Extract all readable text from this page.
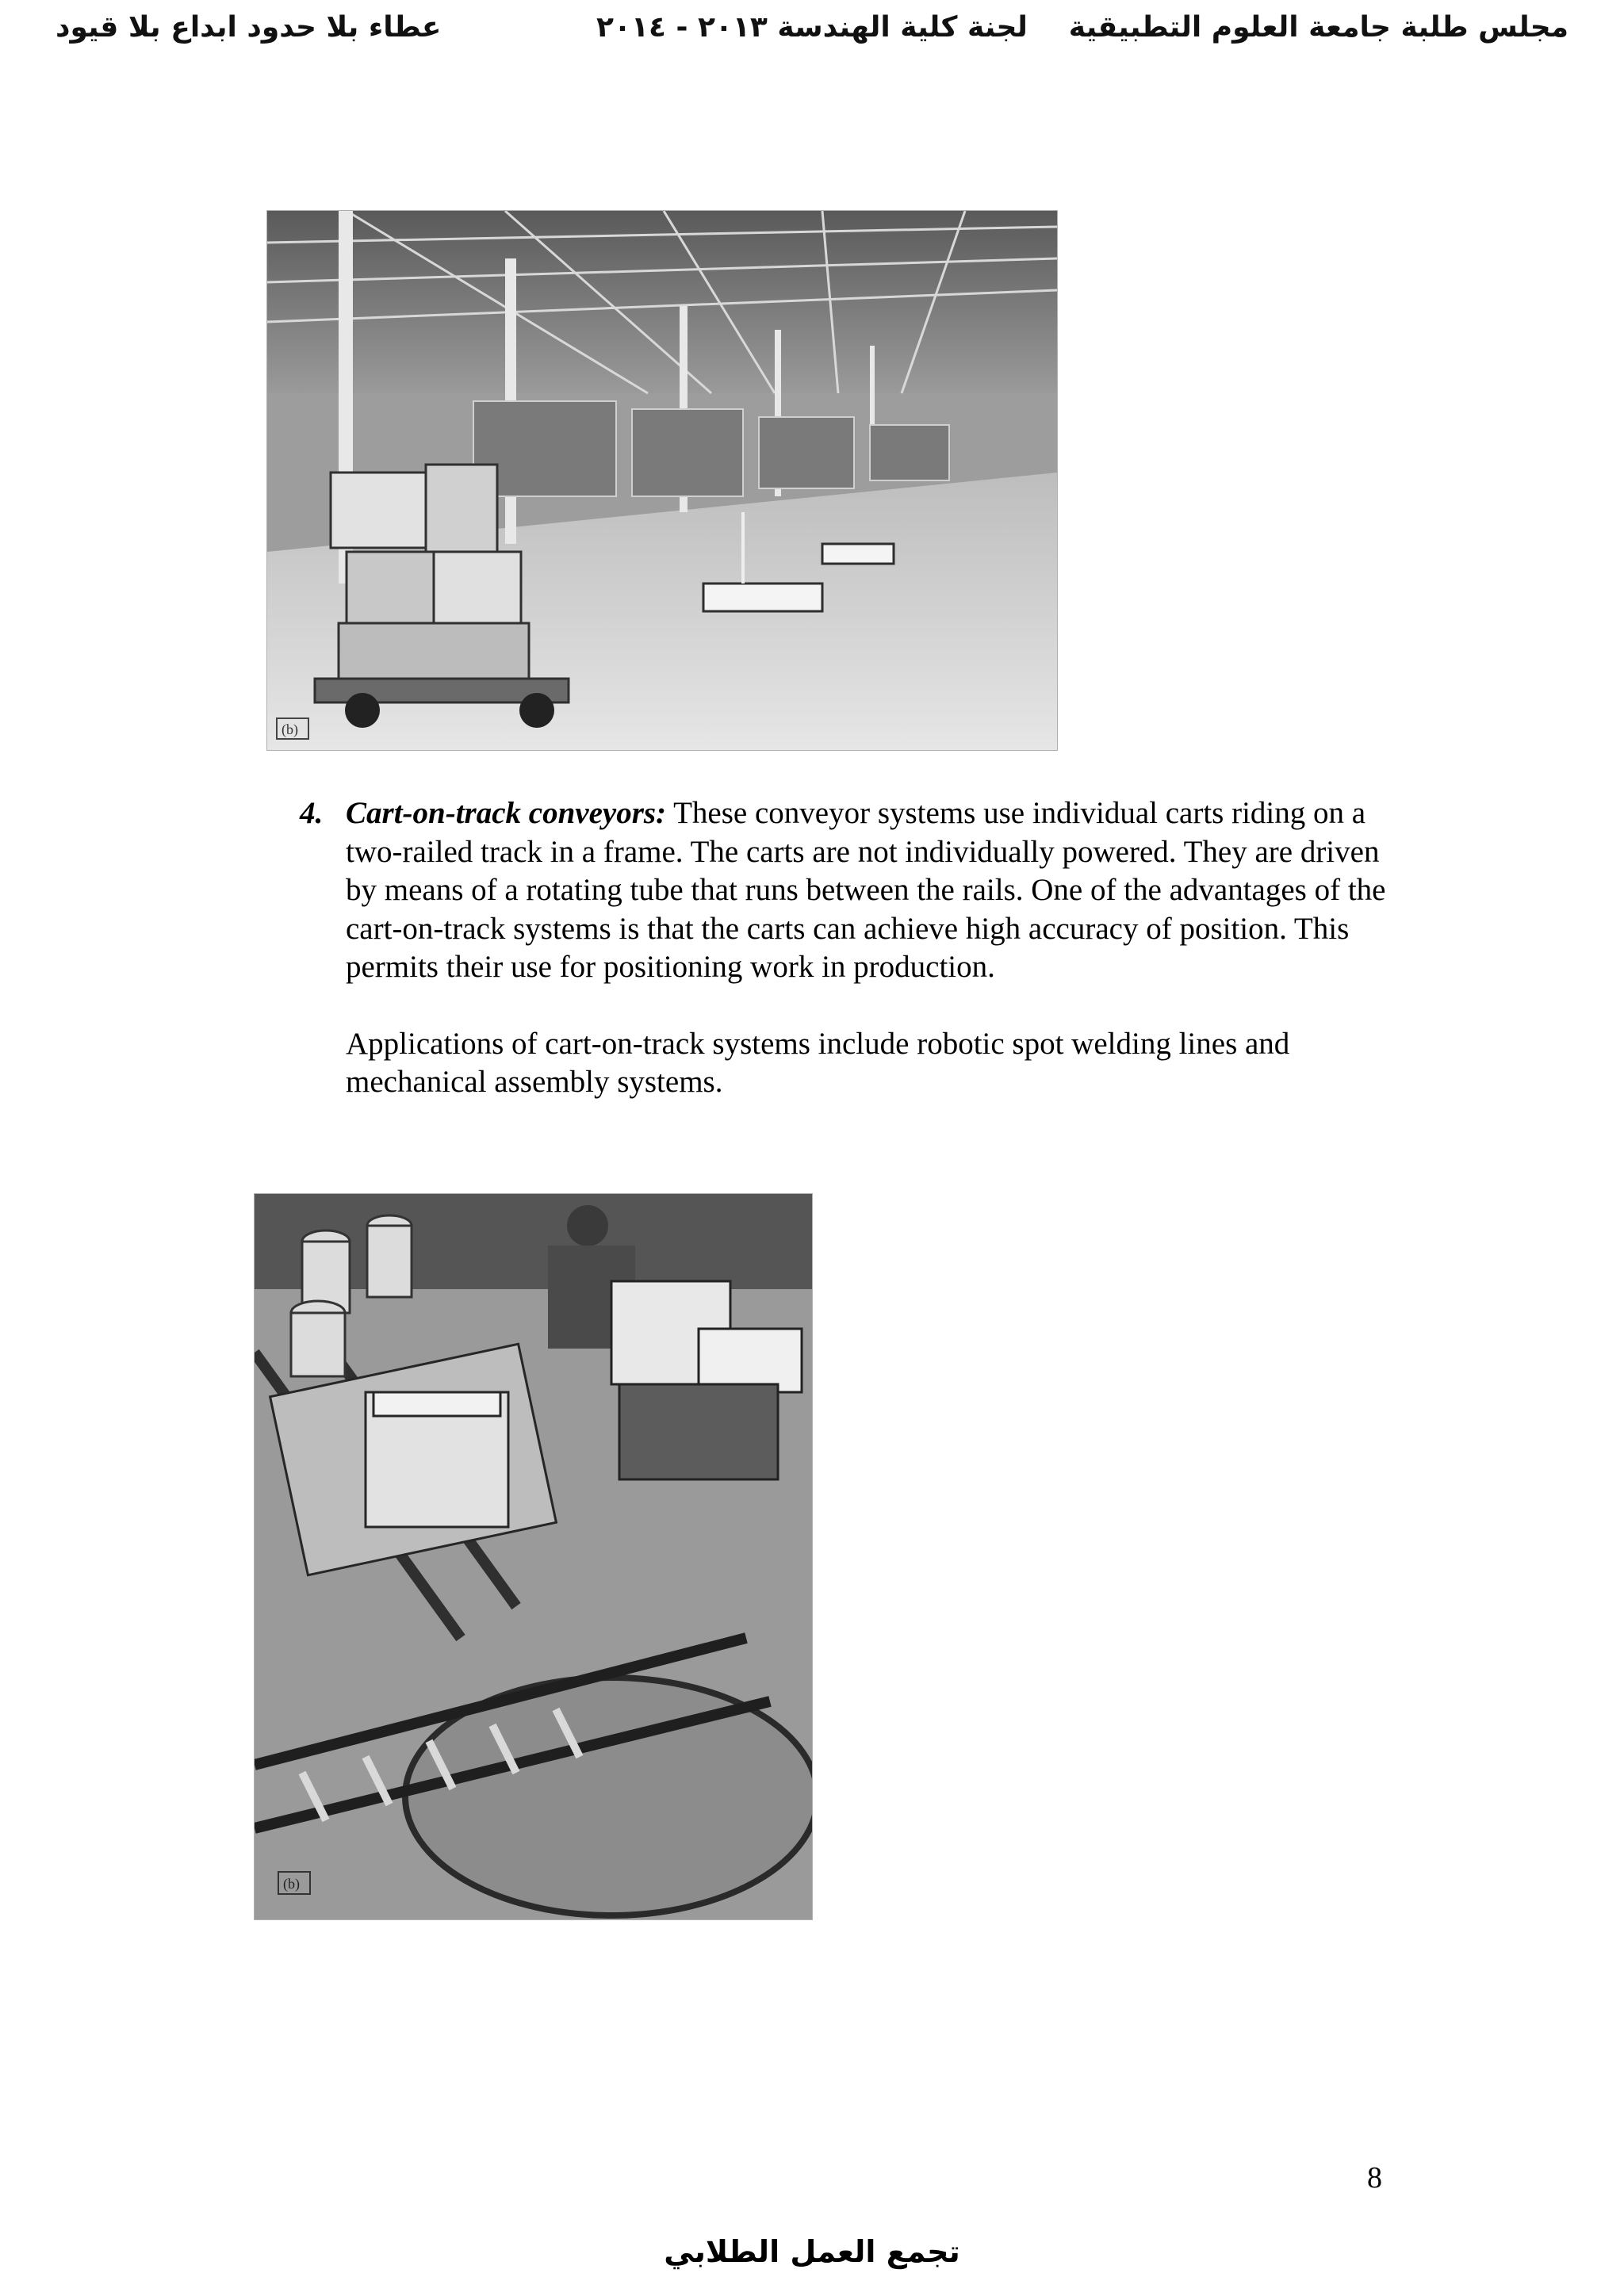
عطاء بلا حدود ابداع بلا قيود	لجنة كلية الهندسة ٢٠١٣ - ٢٠١٤ مجلس طلبة جامعة العلوم التطبيقية
(b)
4. Cart-on-track conveyors: These conveyor systems use individual carts riding on a two-railed track in a frame. The carts are not individually powered. They are driven by means of a rotating tube that runs between the rails. One of the advantages of the cart-on-track systems is that the carts can achieve high accuracy of position. This permits their use for positioning work in production.
Applications of cart-on-track systems include robotic spot welding lines and mechanical assembly systems.
(b)
8
تجمع العمل الطلابي
